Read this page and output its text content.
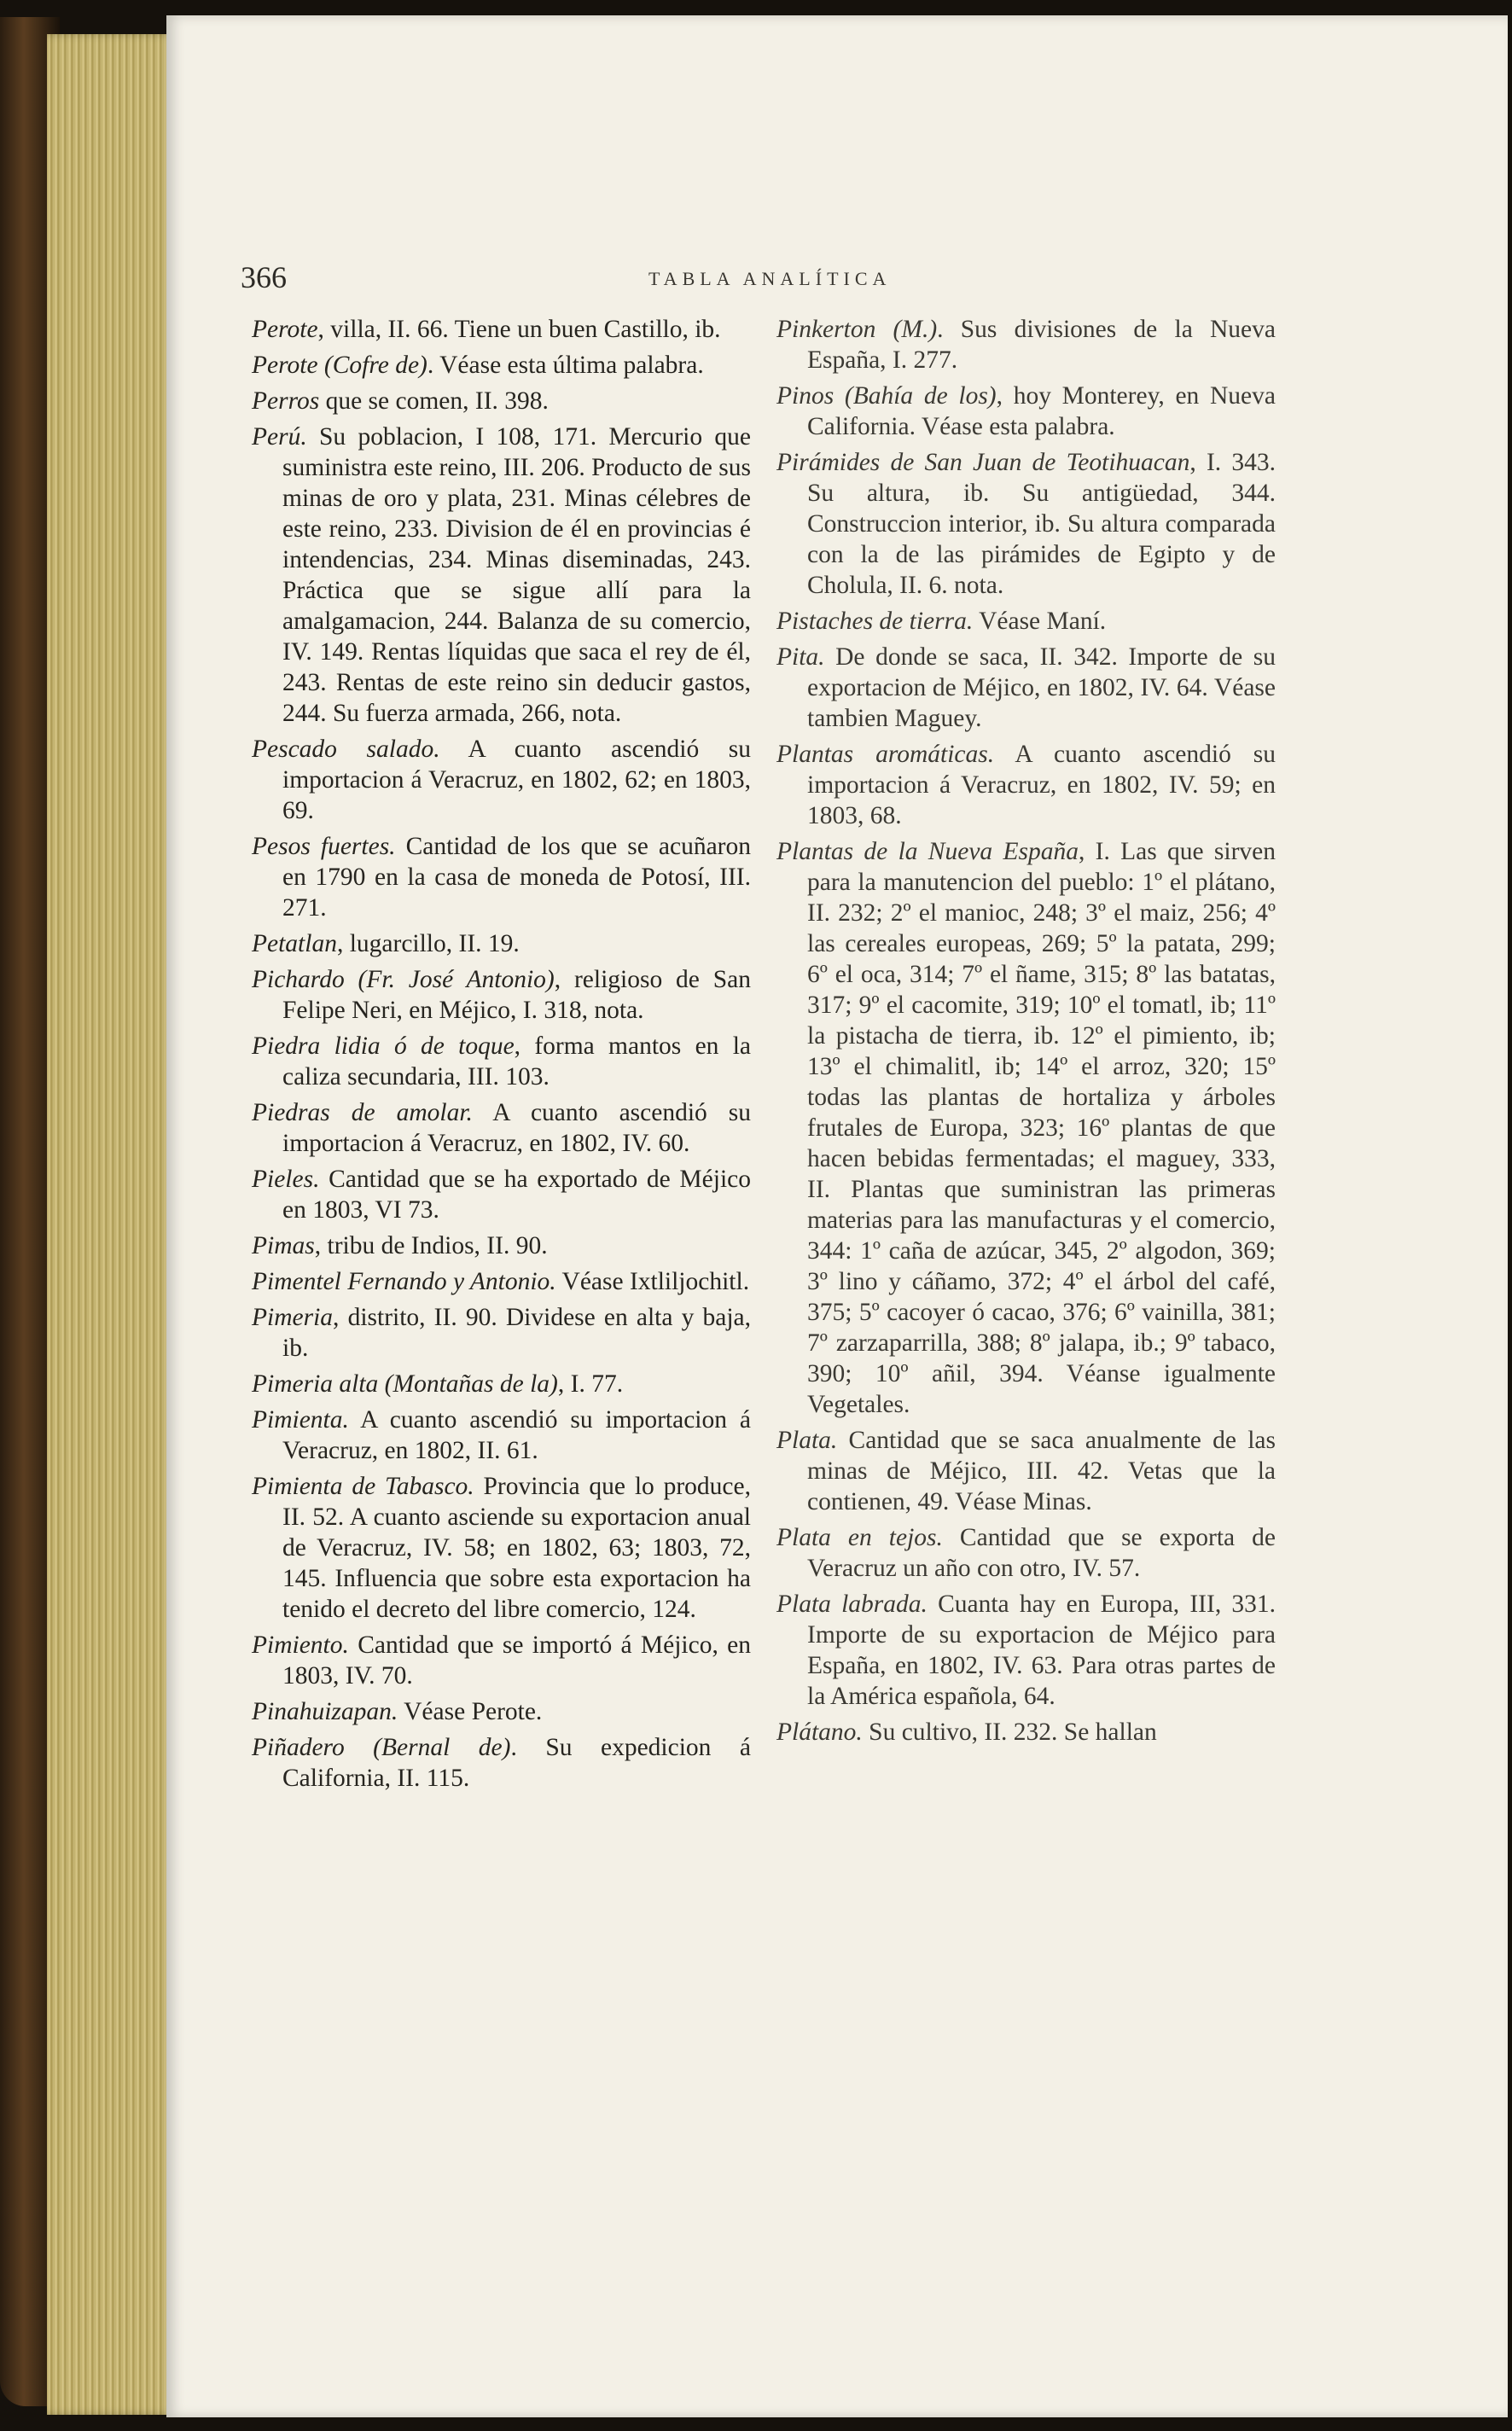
366	TABLA ANALÍTICA

Perote, villa, II. 66. Tiene un buen Castillo, ib.

Perote (Cofre de). Véase esta última palabra.

Perros que se comen, II. 398.

Perú. Su poblacion, I 108, 171. Mercurio que suministra este reino, III. 206. Producto de sus minas de oro y plata, 231. Minas célebres de este reino, 233. Division de él en provincias é intendencias, 234. Minas diseminadas, 243. Práctica que se sigue allí para la amalgamacion, 244. Balanza de su comercio, IV. 149. Rentas líquidas que saca el rey de él, 243. Rentas de este reino sin deducir gastos, 244. Su fuerza armada, 266, nota.

Pescado salado. A cuanto ascendió su importacion á Veracruz, en 1802, 62; en 1803, 69.

Pesos fuertes. Cantidad de los que se acuñaron en 1790 en la casa de moneda de Potosí, III. 271.

Petatlan, lugarcillo, II. 19.

Pichardo (Fr. José Antonio), religioso de San Felipe Neri, en Méjico, I. 318, nota.

Piedra lidia ó de toque, forma mantos en la caliza secundaria, III. 103.

Piedras de amolar. A cuanto ascendió su importacion á Veracruz, en 1802, IV. 60.

Pieles. Cantidad que se ha exportado de Méjico en 1803, VI 73.

Pimas, tribu de Indios, II. 90.

Pimentel Fernando y Antonio. Véase Ixtliljochitl.

Pimeria, distrito, II. 90. Dividese en alta y baja, ib.

Pimeria alta (Montañas de la), I. 77.

Pimienta. A cuanto ascendió su importacion á Veracruz, en 1802, II. 61.

Pimienta de Tabasco. Provincia que lo produce, II. 52. A cuanto asciende su exportacion anual de Veracruz, IV. 58; en 1802, 63; 1803, 72, 145. Influencia que sobre esta exportacion ha tenido el decreto del libre comercio, 124.

Pimiento. Cantidad que se importó á Méjico, en 1803, IV. 70.

Pinahuizapan. Véase Perote.

Piñadero (Bernal de). Su expedicion á California, II. 115.

Pinkerton (M.). Sus divisiones de la Nueva España, I. 277.

Pinos (Bahía de los), hoy Monterey, en Nueva California. Véase esta palabra.

Pirámides de San Juan de Teotihuacan, I. 343. Su altura, ib. Su antigüedad, 344. Construccion interior, ib. Su altura comparada con la de las pirámides de Egipto y de Cholula, II. 6. nota.

Pistaches de tierra. Véase Maní.

Pita. De donde se saca, II. 342. Importe de su exportacion de Méjico, en 1802, IV. 64. Véase tambien Maguey.

Plantas aromáticas. A cuanto ascendió su importacion á Veracruz, en 1802, IV. 59; en 1803, 68.

Plantas de la Nueva España, I. Las que sirven para la manutencion del pueblo: 1º el plátano, II. 232; 2º el manioc, 248; 3º el maiz, 256; 4º las cereales europeas, 269; 5º la patata, 299; 6º el oca, 314; 7º el ñame, 315; 8º las batatas, 317; 9º el cacomite, 319; 10º el tomatl, ib; 11º la pistacha de tierra, ib. 12º el pimiento, ib; 13º el chimalitl, ib; 14º el arroz, 320; 15º todas las plantas de hortaliza y árboles frutales de Europa, 323; 16º plantas de que hacen bebidas fermentadas; el maguey, 333, II. Plantas que suministran las primeras materias para las manufacturas y el comercio, 344: 1º caña de azúcar, 345, 2º algodon, 369; 3º lino y cáñamo, 372; 4º el árbol del café, 375; 5º cacoyer ó cacao, 376; 6º vainilla, 381; 7º zarzaparrilla, 388; 8º jalapa, ib.; 9º tabaco, 390; 10º añil, 394. Véanse igualmente Vegetales.

Plata. Cantidad que se saca anualmente de las minas de Méjico, III. 42. Vetas que la contienen, 49. Véase Minas.

Plata en tejos. Cantidad que se exporta de Veracruz un año con otro, IV. 57.

Plata labrada. Cuanta hay en Europa, III, 331. Importe de su exportacion de Méjico para España, en 1802, IV. 63. Para otras partes de la América española, 64.

Plátano. Su cultivo, II. 232. Se hallan
